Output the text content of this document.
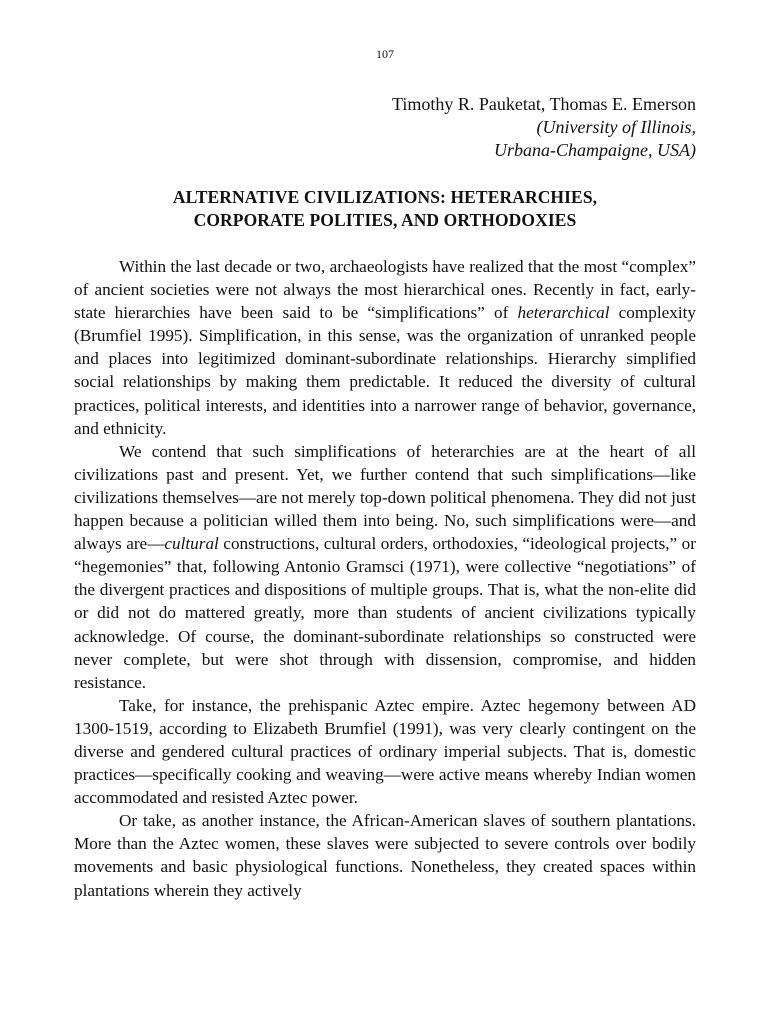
107
Timothy R. Pauketat, Thomas E. Emerson
(University of Illinois,
Urbana-Champaigne, USA)
ALTERNATIVE CIVILIZATIONS: HETERARCHIES,
CORPORATE POLITIES, AND ORTHODOXIES

Within the last decade or two, archaeologists have realized that the most “complex” of ancient societies were not always the most hierarchical ones. Recently in fact, early-state hierarchies have been said to be “simplifications” of heterarchical complexity (Brumfiel 1995). Simplification, in this sense, was the organization of unranked people and places into legitimized dominant-subordinate relationships. Hierarchy simplified social relationships by making them predictable. It reduced the diversity of cultural practices, political interests, and identities into a narrower range of behavior, governance, and ethnicity.

We contend that such simplifications of heterarchies are at the heart of all civilizations past and present. Yet, we further contend that such simplifications—like civilizations themselves—are not merely top-down political phenomena. They did not just happen because a politician willed them into being. No, such simplifications were—and always are—cultural constructions, cultural orders, orthodoxies, “ideological projects,” or “hegemonies” that, following Antonio Gramsci (1971), were collective “negotiations” of the divergent practices and dispositions of multiple groups. That is, what the non-elite did or did not do mattered greatly, more than students of ancient civilizations typically acknowledge. Of course, the dominant-subordinate relationships so constructed were never complete, but were shot through with dissension, compromise, and hidden resistance.

Take, for instance, the prehispanic Aztec empire. Aztec hegemony between AD 1300-1519, according to Elizabeth Brumfiel (1991), was very clearly contingent on the diverse and gendered cultural practices of ordinary imperial subjects. That is, domestic practices—specifically cooking and weaving—were active means whereby Indian women accommodated and resisted Aztec power.

Or take, as another instance, the African-American slaves of southern plantations. More than the Aztec women, these slaves were subjected to severe controls over bodily movements and basic physiological functions. Nonetheless, they created spaces within plantations wherein they actively
